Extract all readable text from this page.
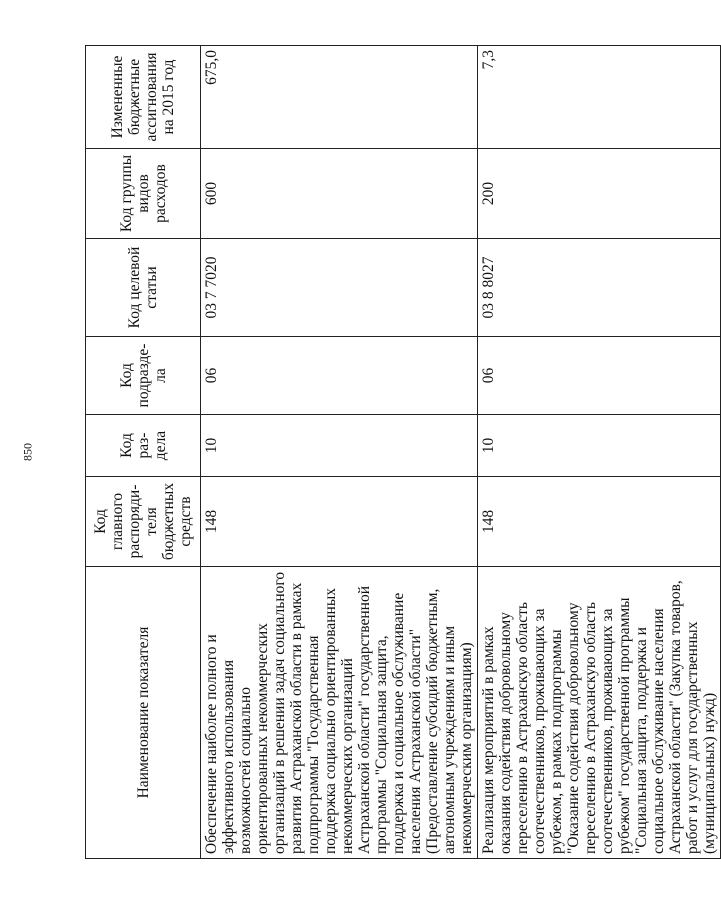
850
Наименование показателя	Код главного распоряди-теля бюджетных средств	Код раз-дела	Код подразде-ла	Код целевой статьи	Код группы видов расходов	Измененные бюджетные ассигнования на 2015 год
Обеспечение наиболее полного и эффективного использования возможностей социально ориентированных некоммерческих организаций в решении задач социального развития Астраханской области в рамках подпрограммы "Государственная поддержка социально ориентированных некоммерческих организаций Астраханской области" государственной программы "Социальная защита, поддержка и социальное обслуживание населения Астраханской области" (Предоставление субсидий бюджетным, автономным учреждениям и иным некоммерческим организациям)	148	10	06	03 7 7020	600	675,0
Реализация мероприятий в рамках оказания содействия добровольному переселению в Астраханскую область соотечественников, проживающих за рубежом, в рамках подпрограммы "Оказание содействия добровольному переселению в Астраханскую область соотечественников, проживающих за рубежом" государственной программы "Социальная защита, поддержка и социальное обслуживание населения Астраханской области" (Закупка товаров, работ и услуг для государственных (муниципальных) нужд)	148	10	06	03 8 8027	200	7,3
